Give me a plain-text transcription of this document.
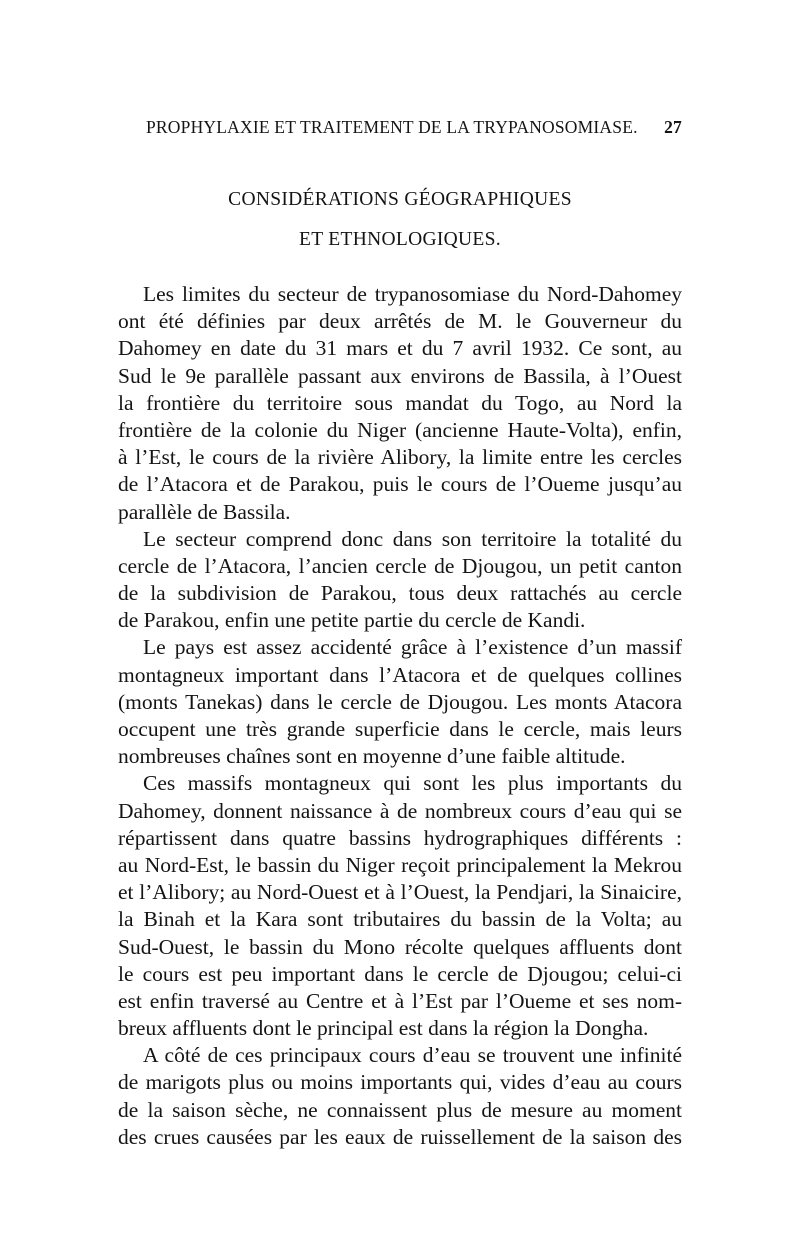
PROPHYLAXIE ET TRAITEMENT DE LA TRYPANOSOMIASE. 27
CONSIDÉRATIONS GÉOGRAPHIQUES
ET ETHNOLOGIQUES.
Les limites du secteur de trypanosomiase du Nord-Dahomey
ont été définies par deux arrêtés de M. le Gouverneur du
Dahomey en date du 31 mars et du 7 avril 1932. Ce sont, au
Sud le 9e parallèle passant aux environs de Bassila, à l’Ouest
la frontière du territoire sous mandat du Togo, au Nord la
frontière de la colonie du Niger (ancienne Haute-Volta), enfin,
à l’Est, le cours de la rivière Alibory, la limite entre les cercles
de l’Atacora et de Parakou, puis le cours de l’Oueme jusqu’au
parallèle de Bassila.
Le secteur comprend donc dans son territoire la totalité du
cercle de l’Atacora, l’ancien cercle de Djougou, un petit canton
de la subdivision de Parakou, tous deux rattachés au cercle
de Parakou, enfin une petite partie du cercle de Kandi.
Le pays est assez accidenté grâce à l’existence d’un massif
montagneux important dans l’Atacora et de quelques collines
(monts Tanekas) dans le cercle de Djougou. Les monts Atacora
occupent une très grande superficie dans le cercle, mais leurs
nombreuses chaînes sont en moyenne d’une faible altitude.
Ces massifs montagneux qui sont les plus importants du
Dahomey, donnent naissance à de nombreux cours d’eau qui se
répartissent dans quatre bassins hydrographiques différents :
au Nord-Est, le bassin du Niger reçoit principalement la Mekrou
et l’Alibory; au Nord-Ouest et à l’Ouest, la Pendjari, la Sinaicire,
la Binah et la Kara sont tributaires du bassin de la Volta; au
Sud-Ouest, le bassin du Mono récolte quelques affluents dont
le cours est peu important dans le cercle de Djougou; celui-ci
est enfin traversé au Centre et à l’Est par l’Oueme et ses nom-
breux affluents dont le principal est dans la région la Dongha.
A côté de ces principaux cours d’eau se trouvent une infinité
de marigots plus ou moins importants qui, vides d’eau au cours
de la saison sèche, ne connaissent plus de mesure au moment
des crues causées par les eaux de ruissellement de la saison des
